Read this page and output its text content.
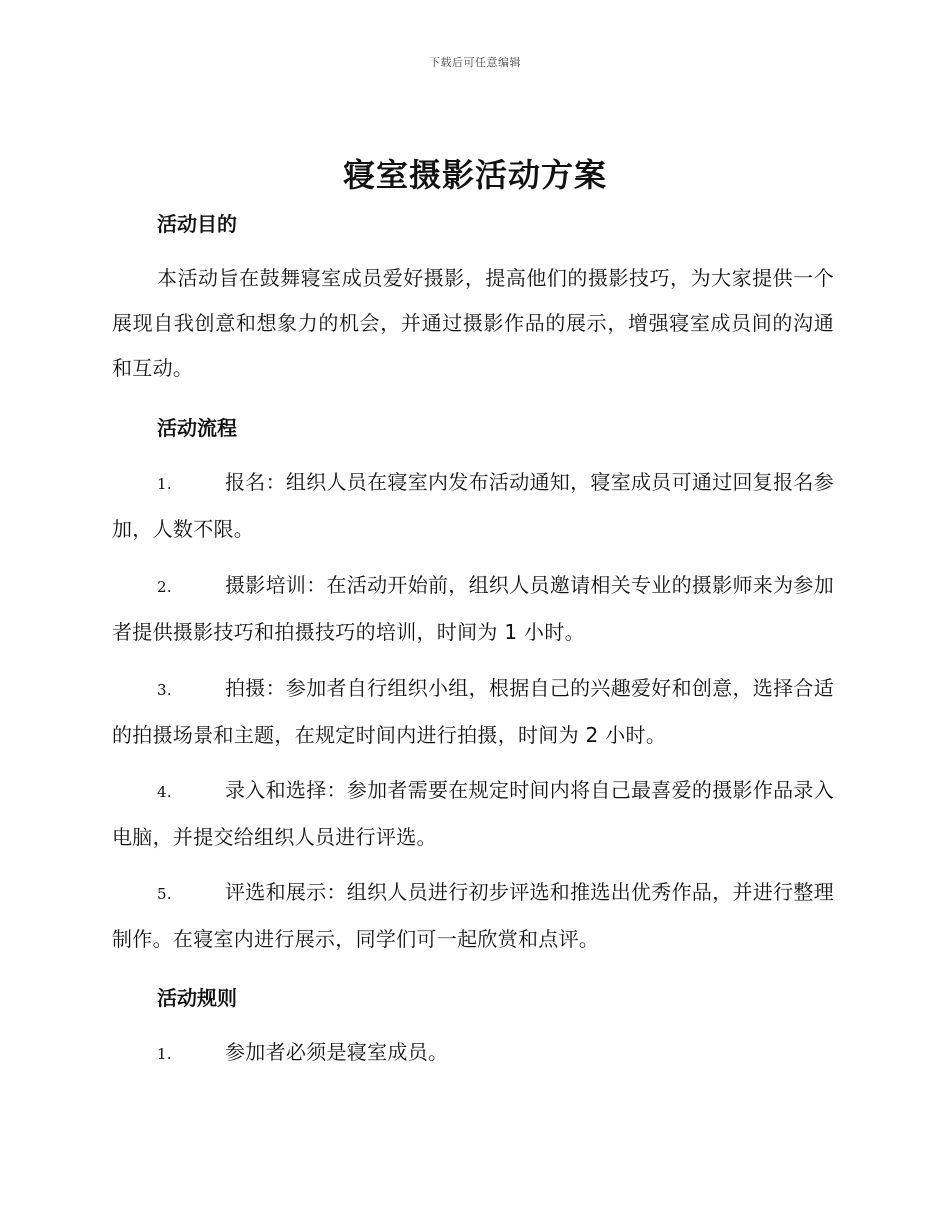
下载后可任意编辑
寝室摄影活动方案
活动目的
本活动旨在鼓舞寝室成员爱好摄影，提高他们的摄影技巧，为大家提供一个展现自我创意和想象力的机会，并通过摄影作品的展示，增强寝室成员间的沟通和互动。
活动流程
1.	报名：组织人员在寝室内发布活动通知，寝室成员可通过回复报名参加，人数不限。
2.	摄影培训：在活动开始前，组织人员邀请相关专业的摄影师来为参加者提供摄影技巧和拍摄技巧的培训，时间为 1 小时。
3.	拍摄：参加者自行组织小组，根据自己的兴趣爱好和创意，选择合适的拍摄场景和主题，在规定时间内进行拍摄，时间为 2 小时。
4.	录入和选择：参加者需要在规定时间内将自己最喜爱的摄影作品录入电脑，并提交给组织人员进行评选。
5.	评选和展示：组织人员进行初步评选和推选出优秀作品，并进行整理制作。在寝室内进行展示，同学们可一起欣赏和点评。
活动规则
1.	参加者必须是寝室成员。
